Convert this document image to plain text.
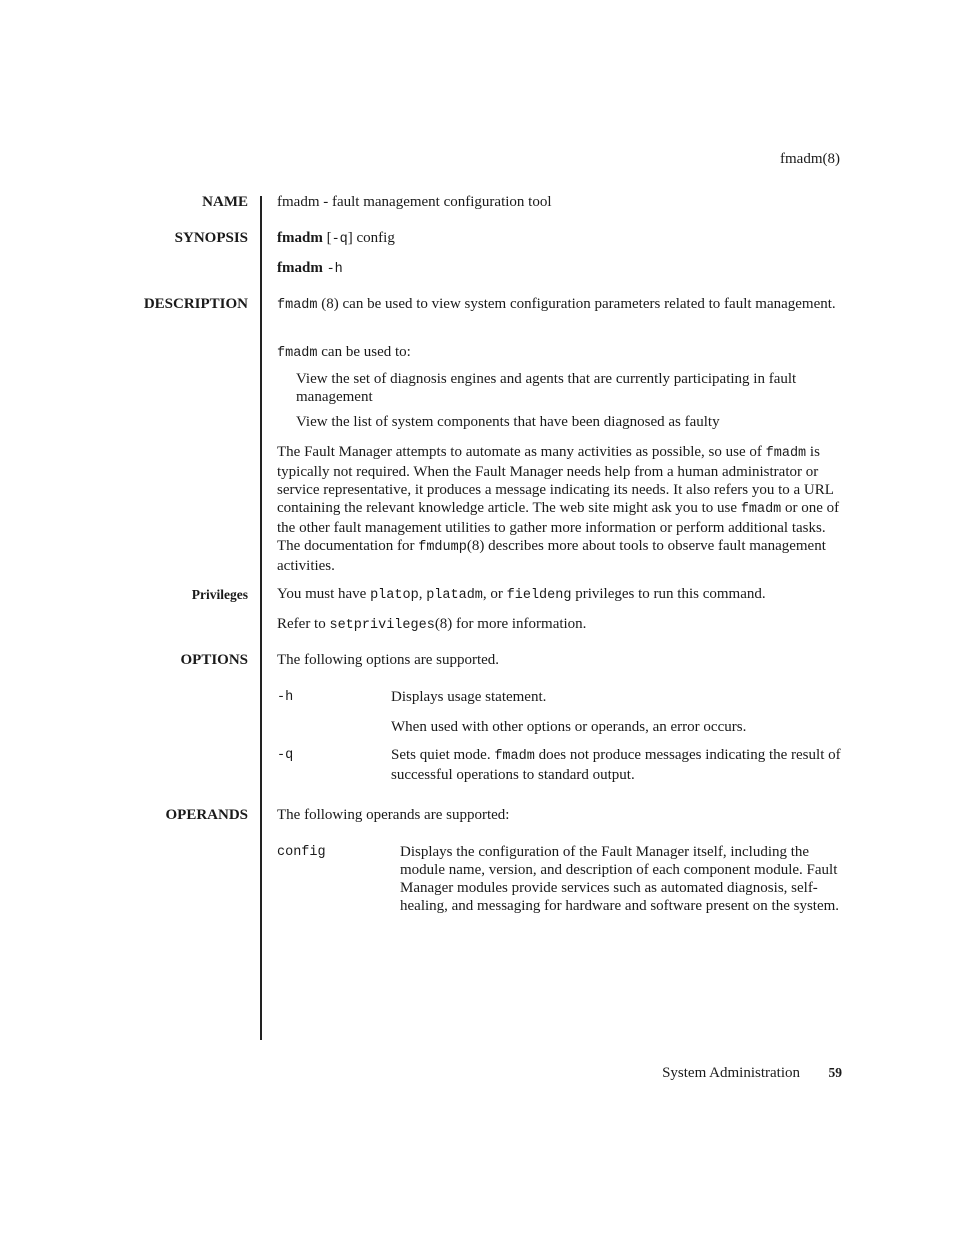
fmadm(8)
NAME fmadm - fault management configuration tool

SYNOPSIS fmadm [-q] config

fmadm -h

DESCRIPTION fmadm (8) can be used to view system configuration parameters related to fault management.

fmadm can be used to:

View the set of diagnosis engines and agents that are currently participating in fault management

View the list of system components that have been diagnosed as faulty

The Fault Manager attempts to automate as many activities as possible, so use of fmadm is typically not required. When the Fault Manager needs help from a human administrator or service representative, it produces a message indicating its needs. It also refers you to a URL containing the relevant knowledge article. The web site might ask you to use fmadm or one of the other fault management utilities to gather more information or perform additional tasks. The documentation for fmdump(8) describes more about tools to observe fault management activities.

Privileges You must have platop, platadm, or fieldeng privileges to run this command.

Refer to setprivileges(8) for more information.

OPTIONS The following options are supported.

-h	Displays usage statement.

When used with other options or operands, an error occurs.

-q	Sets quiet mode. fmadm does not produce messages indicating the result of successful operations to standard output.

OPERANDS The following operands are supported:

config	Displays the configuration of the Fault Manager itself, including the module name, version, and description of each component module. Fault Manager modules provide services such as automated diagnosis, self-healing, and messaging for hardware and software present on the system.

System Administration 59
